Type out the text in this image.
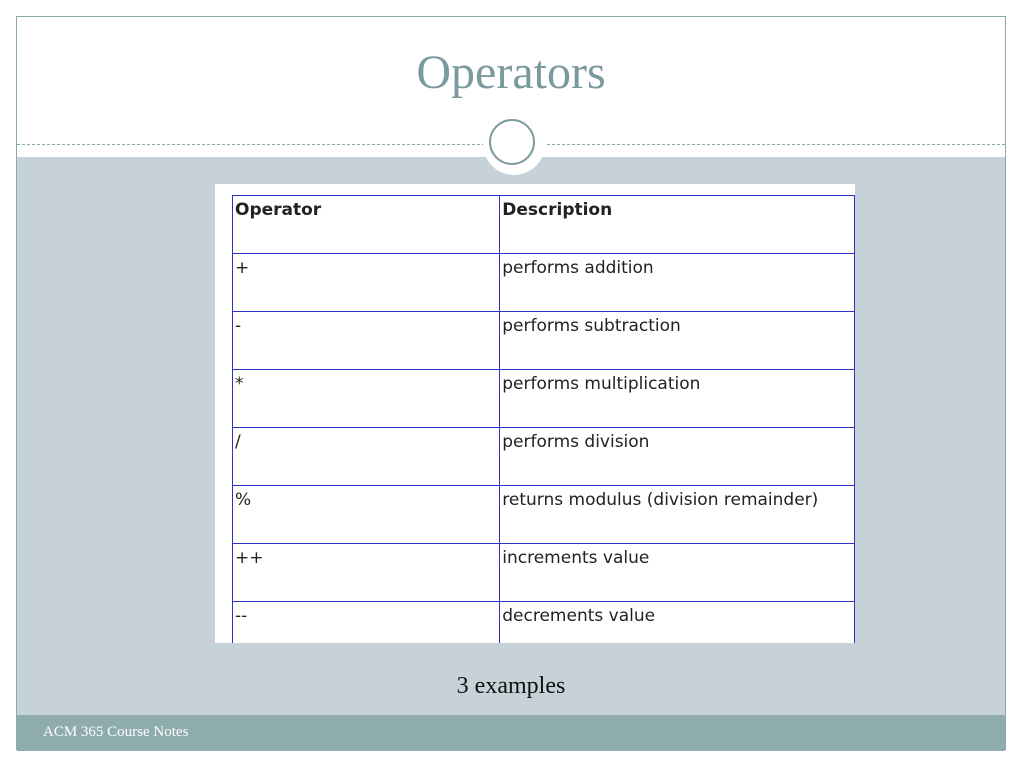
Operators
Operator	Description
+	performs addition
-	performs subtraction
*	performs multiplication
/	performs division
%	returns modulus (division remainder)
++	increments value
--	decrements value
3 examples
ACM 365 Course Notes
